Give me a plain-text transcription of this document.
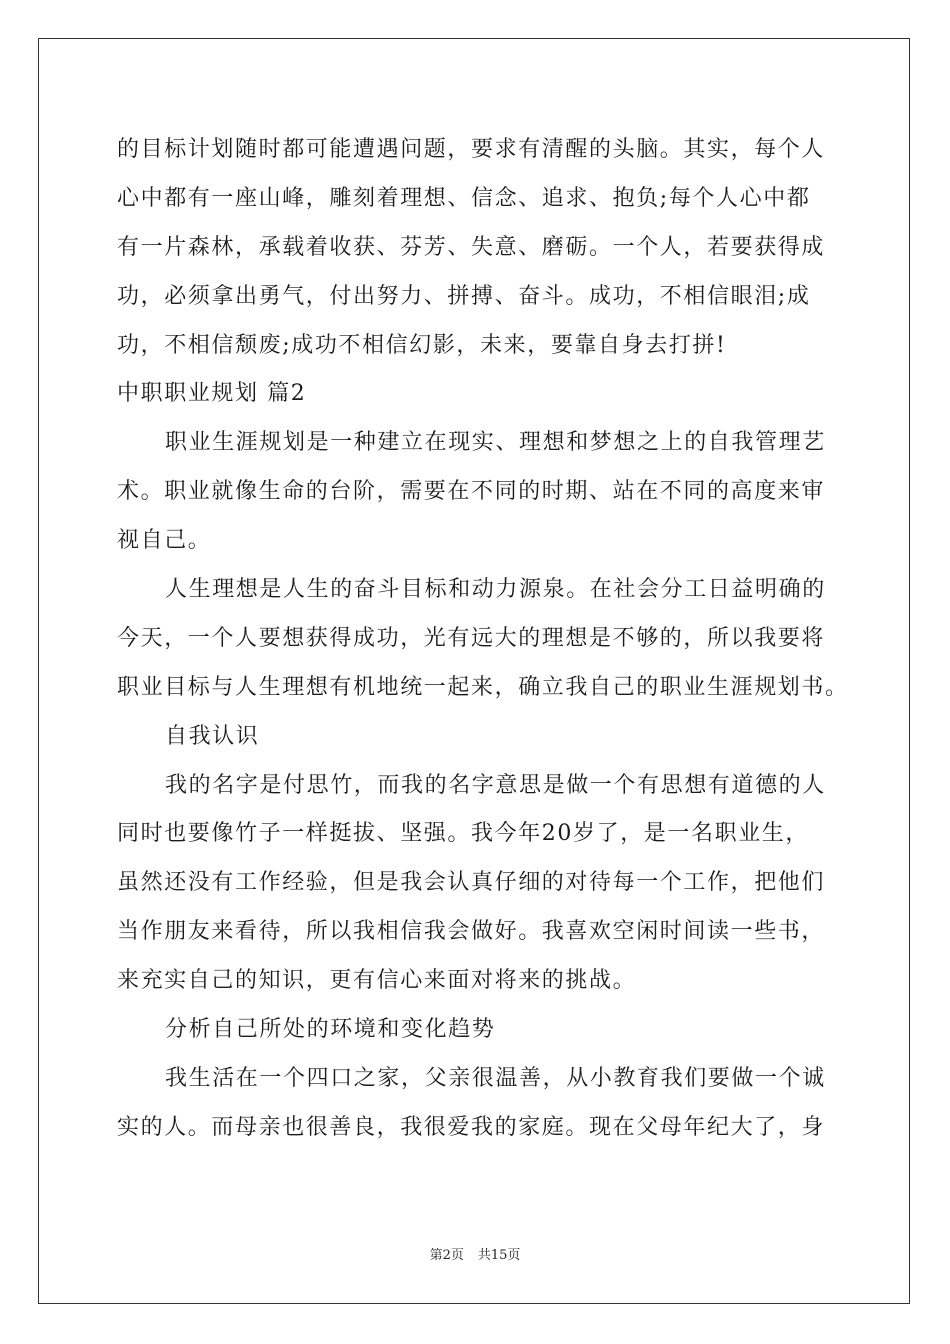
的目标计划随时都可能遭遇问题，要求有清醒的头脑。其实，每个人
心中都有一座山峰，雕刻着理想、信念、追求、抱负;每个人心中都
有一片森林，承载着收获、芬芳、失意、磨砺。一个人，若要获得成
功，必须拿出勇气，付出努力、拼搏、奋斗。成功，不相信眼泪;成
功，不相信颓废;成功不相信幻影，未来，要靠自身去打拼!
中职职业规划 篇2
职业生涯规划是一种建立在现实、理想和梦想之上的自我管理艺
术。职业就像生命的台阶，需要在不同的时期、站在不同的高度来审
视自己。
人生理想是人生的奋斗目标和动力源泉。在社会分工日益明确的
今天，一个人要想获得成功，光有远大的理想是不够的，所以我要将
职业目标与人生理想有机地统一起来，确立我自己的职业生涯规划书。
自我认识
我的名字是付思竹，而我的名字意思是做一个有思想有道德的人
同时也要像竹子一样挺拔、坚强。我今年20岁了，是一名职业生，
虽然还没有工作经验，但是我会认真仔细的对待每一个工作，把他们
当作朋友来看待，所以我相信我会做好。我喜欢空闲时间读一些书，
来充实自己的知识，更有信心来面对将来的挑战。
分析自己所处的环境和变化趋势
我生活在一个四口之家，父亲很温善，从小教育我们要做一个诚
实的人。而母亲也很善良，我很爱我的家庭。现在父母年纪大了，身
第2页 共15页
